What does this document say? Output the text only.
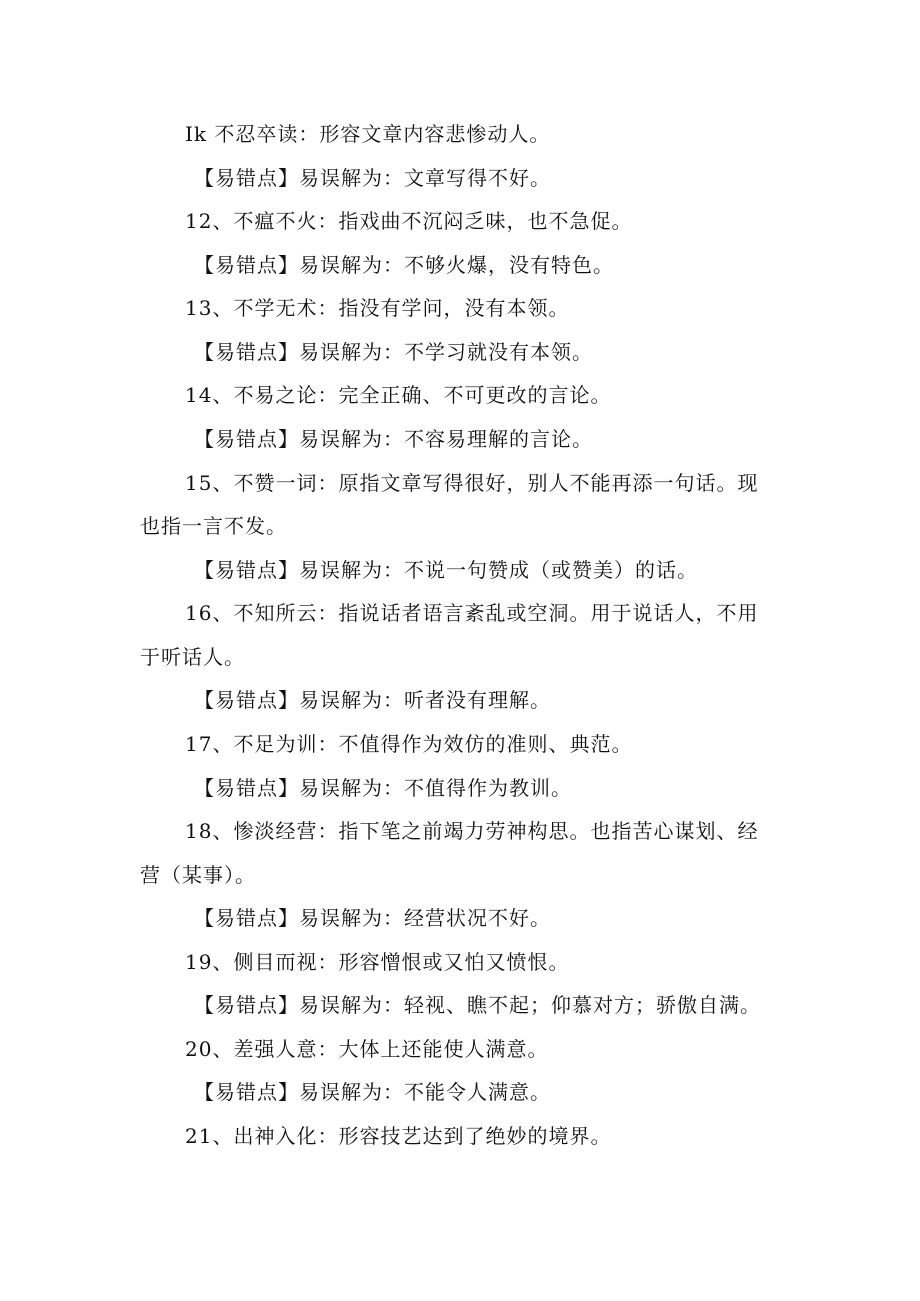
Ik 不忍卒读：形容文章内容悲惨动人。
【易错点】易误解为：文章写得不好。
12、不瘟不火：指戏曲不沉闷乏味，也不急促。
【易错点】易误解为：不够火爆，没有特色。
13、不学无术：指没有学问，没有本领。
【易错点】易误解为：不学习就没有本领。
14、不易之论：完全正确、不可更改的言论。
【易错点】易误解为：不容易理解的言论。
15、不赞一词：原指文章写得很好，别人不能再添一句话。现
也指一言不发。
【易错点】易误解为：不说一句赞成（或赞美）的话。
16、不知所云：指说话者语言紊乱或空洞。用于说话人，不用
于听话人。
【易错点】易误解为：听者没有理解。
17、不足为训：不值得作为效仿的准则、典范。
【易错点】易误解为：不值得作为教训。
18、惨淡经营：指下笔之前竭力劳神构思。也指苦心谋划、经
营（某事）。
【易错点】易误解为：经营状况不好。
19、侧目而视：形容憎恨或又怕又愤恨。
【易错点】易误解为：轻视、瞧不起；仰慕对方；骄傲自满。
20、差强人意：大体上还能使人满意。
【易错点】易误解为：不能令人满意。
21、出神入化：形容技艺达到了绝妙的境界。
